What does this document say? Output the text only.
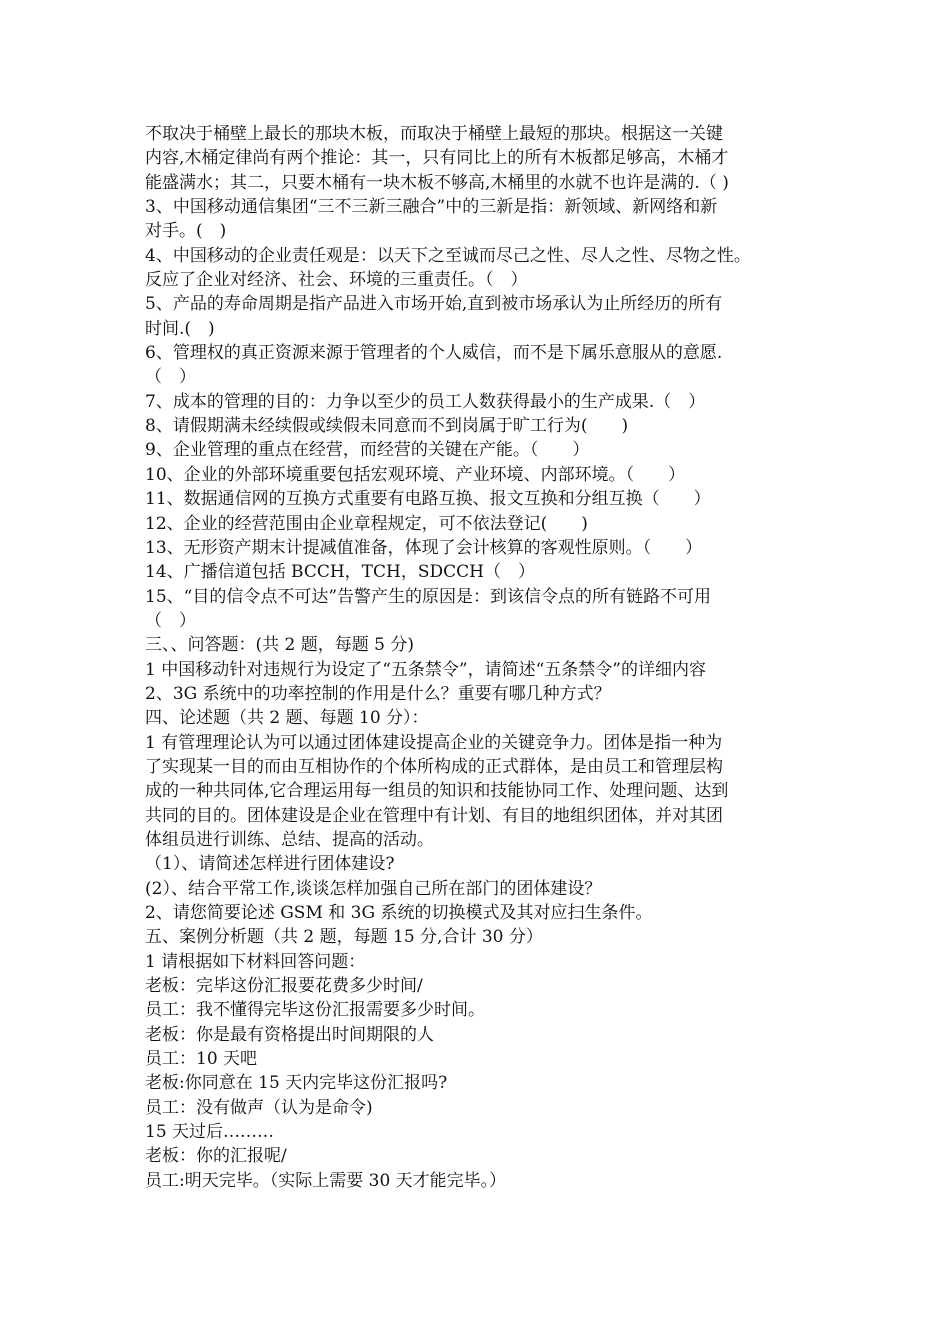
不取决于桶壁上最长的那块木板，而取决于桶壁上最短的那块。根据这一关键
内容,木桶定律尚有两个推论：其一，只有同比上的所有木板都足够高，木桶才
能盛满水；其二，只要木桶有一块木板不够高,木桶里的水就不也许是满的.（ )
3、中国移动通信集团“三不三新三融合”中的三新是指：新领域、新网络和新
对手。(　)
4、中国移动的企业责任观是：以天下之至诚而尽己之性、尽人之性、尽物之性。
反应了企业对经济、社会、环境的三重责任。（　）
5、产品的寿命周期是指产品进入市场开始,直到被市场承认为止所经历的所有
时间.(　)
6、管理权的真正资源来源于管理者的个人威信，而不是下属乐意服从的意愿.
（　）
7、成本的管理的目的：力争以至少的员工人数获得最小的生产成果.（　）
8、请假期满未经续假或续假未同意而不到岗属于旷工行为(　　)
9、企业管理的重点在经营，而经营的关键在产能。（　　）
10、企业的外部环境重要包括宏观环境、产业环境、内部环境。（　　）
11、数据通信网的互换方式重要有电路互换、报文互换和分组互换（　　）
12、企业的经营范围由企业章程规定，可不依法登记(　　)
13、无形资产期末计提减值准备，体现了会计核算的客观性原则。（　　）
14、广播信道包括 BCCH，TCH，SDCCH（　）
15、“目的信令点不可达”告警产生的原因是：到该信令点的所有链路不可用
（　）
三、、问答题：(共 2 题，每题 5 分)
1 中国移动针对违规行为设定了“五条禁令”，请简述“五条禁令”的详细内容
2、3G 系统中的功率控制的作用是什么？重要有哪几种方式？
四、论述题（共 2 题、每题 10 分）：
1 有管理理论认为可以通过团体建设提高企业的关键竞争力。团体是指一种为
了实现某一目的而由互相协作的个体所构成的正式群体，是由员工和管理层构
成的一种共同体,它合理运用每一组员的知识和技能协同工作、处理问题、达到
共同的目的。团体建设是企业在管理中有计划、有目的地组织团体，并对其团
体组员进行训练、总结、提高的活动。
（1）、请简述怎样进行团体建设?
(2）、结合平常工作,谈谈怎样加强自己所在部门的团体建设？
2、请您简要论述 GSM 和 3G 系统的切换模式及其对应扫生条件。
五、案例分析题（共 2 题，每题 15 分,合计 30 分）
1 请根据如下材料回答问题：
老板：完毕这份汇报要花费多少时间/
员工：我不懂得完毕这份汇报需要多少时间。
老板：你是最有资格提出时间期限的人
员工：10 天吧
老板:你同意在 15 天内完毕这份汇报吗?
员工：没有做声（认为是命令)
15 天过后………
老板：你的汇报呢/
员工:明天完毕。（实际上需要 30 天才能完毕。）
